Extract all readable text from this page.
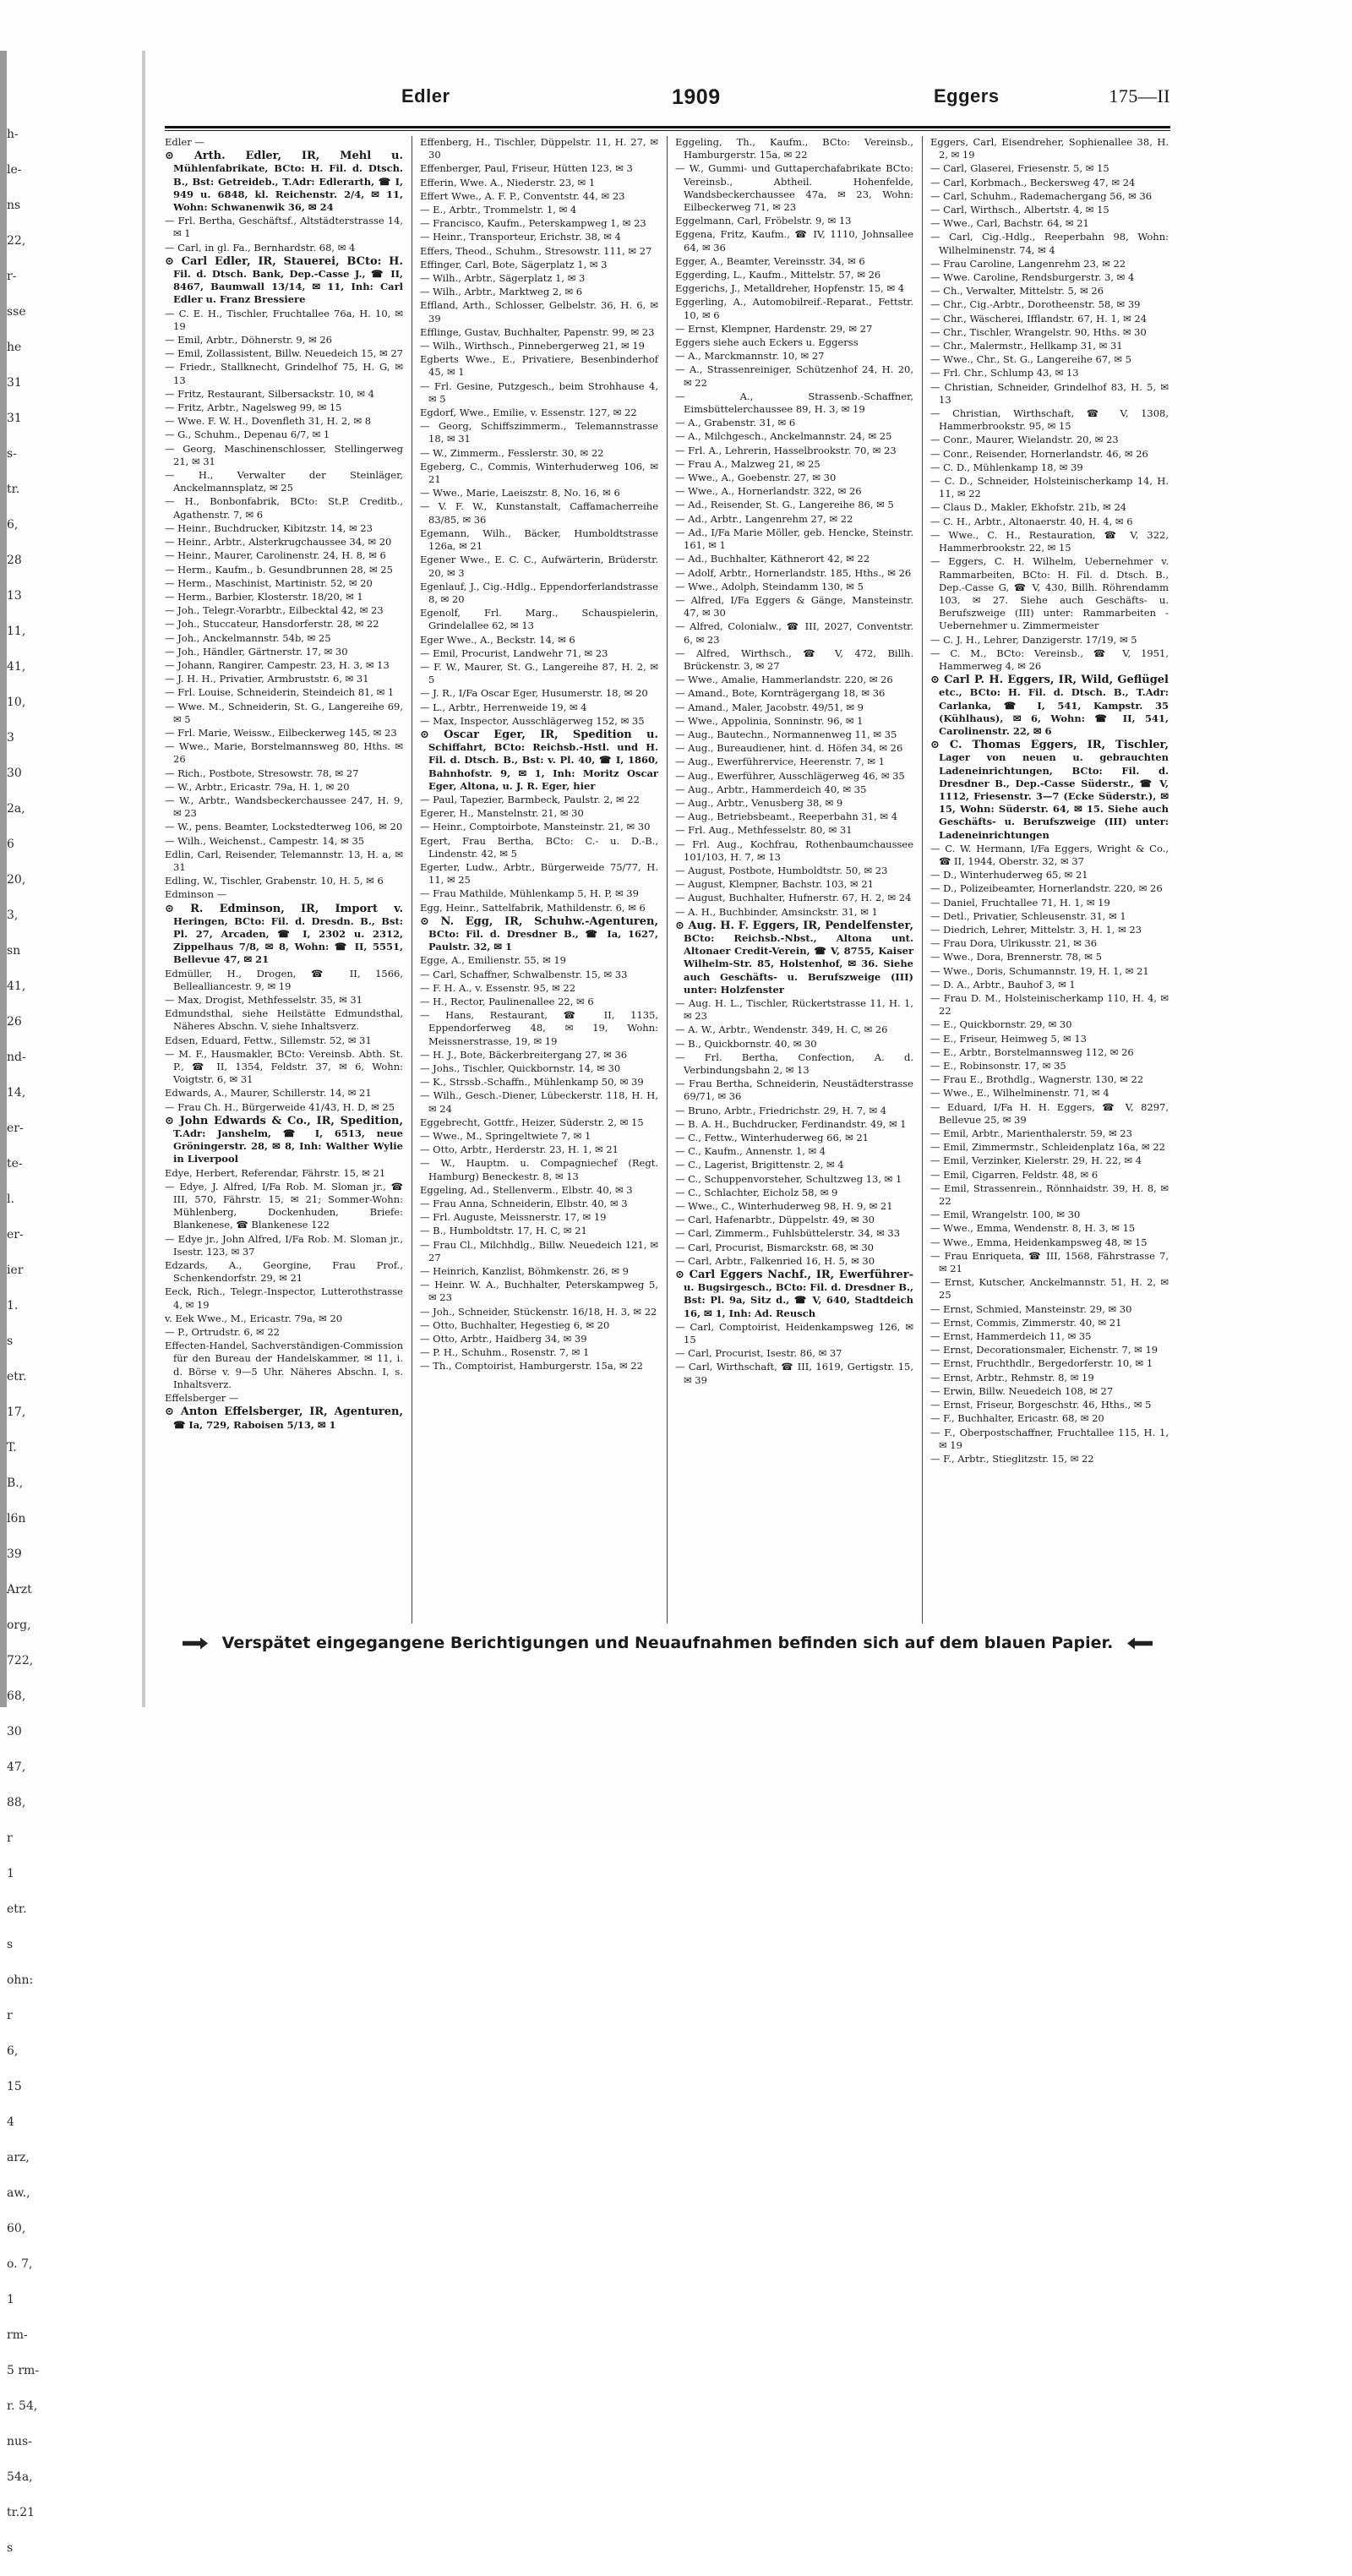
h-
le-
ns
22,
r-
sse
he
31
31
s-
tr.
6,
28
13
11,
41,
10,
3
30
2a,
6
20,
3,
sn
41,
26
nd-
14,
er-
te-
l.
er-
ier
1.
s
etr.
17,
T.
B.,
l6n
39
Arzt
org,
722,
68,
30
47,
88,
r
1
etr.
s
ohn:
r
6,
15
4
arz,
aw.,
60,
o. 7,
1
rm-
5 rm-
r. 54,
nus-
54a,
tr.21
s
Edler	1909	Eggers	175—II
Edler —
⊙ Arth. Edler, IR, Mehl u. Mühlenfabrikate, BCto: H. Fil. d. Dtsch. B., Bst: Getreideb., T.Adr: Edlerarth, ☎ I, 949 u. 6848, kl. Reichenstr. 2/4, ✉ 11, Wohn: Schwanenwik 36, ✉ 24
— Frl. Bertha, Geschäftsf., Altstädterstrasse 14, ✉ 1
— Carl, in gl. Fa., Bernhardstr. 68, ✉ 4
⊙ Carl Edler, IR, Stauerei, BCto: H. Fil. d. Dtsch. Bank, Dep.-Casse J., ☎ II, 8467, Baumwall 13/14, ✉ 11, Inh: Carl Edler u. Franz Bressiere
— C. E. H., Tischler, Fruchtallee 76a, H. 10, ✉ 19
— Emil, Arbtr., Döhnerstr. 9, ✉ 26
— Emil, Zollassistent, Billw. Neuedeich 15, ✉ 27
— Friedr., Stallknecht, Grindelhof 75, H. G, ✉ 13
— Fritz, Restaurant, Silbersackstr. 10, ✉ 4
— Fritz, Arbtr., Nagelsweg 99, ✉ 15
— Wwe. F. W. H., Dovenfleth 31, H. 2, ✉ 8
— G., Schuhm., Depenau 6/7, ✉ 1
— Georg, Maschinenschlosser, Stellingerweg 21, ✉ 31
— H., Verwalter der Steinläger, Anckelmannsplatz, ✉ 25
— H., Bonbonfabrik, BCto: St.P. Creditb., Agathenstr. 7, ✉ 6
— Heinr., Buchdrucker, Kibitzstr. 14, ✉ 23
— Heinr., Arbtr., Alsterkrugchaussee 34, ✉ 20
— Heinr., Maurer, Carolinenstr. 24, H. 8, ✉ 6
— Herm., Kaufm., b. Gesundbrunnen 28, ✉ 25
— Herm., Maschinist, Martinistr. 52, ✉ 20
— Herm., Barbier, Klosterstr. 18/20, ✉ 1
— Joh., Telegr.-Vorarbtr., Eilbecktal 42, ✉ 23
— Joh., Stuccateur, Hansdorferstr. 28, ✉ 22
— Joh., Anckelmannstr. 54b, ✉ 25
— Joh., Händler, Gärtnerstr. 17, ✉ 30
— Johann, Rangirer, Campestr. 23, H. 3, ✉ 13
— J. H. H., Privatier, Armbruststr. 6, ✉ 31
— Frl. Louise, Schneiderin, Steindeich 81, ✉ 1
— Wwe. M., Schneiderin, St. G., Langereihe 69, ✉ 5
— Frl. Marie, Weissw., Eilbeckerweg 145, ✉ 23
— Wwe., Marie, Borstelmannsweg 80, Hths. ✉ 26
— Rich., Postbote, Stresowstr. 78, ✉ 27
— W., Arbtr., Ericastr. 79a, H. 1, ✉ 20
— W., Arbtr., Wandsbeckerchaussee 247, H. 9, ✉ 23
— W., pens. Beamter, Lockstedterweg 106, ✉ 20
— Wilh., Weichenst., Campestr. 14, ✉ 35
Edlin, Carl, Reisender, Telemannstr. 13, H. a, ✉ 31
Edling, W., Tischler, Grabenstr. 10, H. 5, ✉ 6
Edminson —
⊙ R. Edminson, IR, Import v. Heringen, BCto: Fil. d. Dresdn. B., Bst: Pl. 27, Arcaden, ☎ I, 2302 u. 2312, Zippelhaus 7/8, ✉ 8, Wohn: ☎ II, 5551, Bellevue 47, ✉ 21
Edmüller, H., Drogen, ☎ II, 1566, Bellealliancestr. 9, ✉ 19
— Max, Drogist, Methfesselstr. 35, ✉ 31
Edmundsthal, siehe Heilstätte Edmundsthal, Näheres Abschn. V, siehe Inhaltsverz.
Edsen, Eduard, Fettw., Sillemstr. 52, ✉ 31
— M. F., Hausmakler, BCto: Vereinsb. Abth. St. P., ☎ II, 1354, Feldstr. 37, ✉ 6, Wohn: Voigtstr. 6, ✉ 31
Edwards, A., Maurer, Schillerstr. 14, ✉ 21
— Frau Ch. H., Bürgerweide 41/43, H. D, ✉ 25
⊙ John Edwards & Co., IR, Spedition, T.Adr: Janshelm, ☎ I, 6513, neue Gröningerstr. 28, ✉ 8, Inh: Walther Wylie in Liverpool
Edye, Herbert, Referendar, Fährstr. 15, ✉ 21
— Edye, J. Alfred, I/Fa Rob. M. Sloman jr., ☎ III, 570, Fährstr. 15, ✉ 21; Sommer-Wohn: Mühlenberg, Dockenhuden, Briefe: Blankenese, ☎ Blankenese 122
— Edye jr., John Alfred, I/Fa Rob. M. Sloman jr., Isestr. 123, ✉ 37
Edzards, A., Georgine, Frau Prof., Schenkendorfstr. 29, ✉ 21
Eeck, Rich., Telegr.-Inspector, Lutterothstrasse 4, ✉ 19
v. Eek Wwe., M., Ericastr. 79a, ✉ 20
— P., Ortrudstr. 6, ✉ 22
Effecten-Handel, Sachverständigen-Commission für den Bureau der Handelskammer, ✉ 11, i. d. Börse v. 9—5 Uhr. Näheres Abschn. I, s. Inhaltsverz.
Effelsberger —
⊙ Anton Effelsberger, IR, Agenturen, ☎ Ia, 729, Raboisen 5/13, ✉ 1
Effenberg, H., Tischler, Düppelstr. 11, H. 27, ✉ 30
Effenberger, Paul, Friseur, Hütten 123, ✉ 3
Efferin, Wwe. A., Niederstr. 23, ✉ 1
Effert Wwe., A. F. P., Conventstr. 44, ✉ 23
— E., Arbtr., Trommelstr. 1, ✉ 4
— Francisco, Kaufm., Peterskampweg 1, ✉ 23
— Heinr., Transporteur, Erichstr. 38, ✉ 4
Effers, Theod., Schuhm., Stresowstr. 111, ✉ 27
Effinger, Carl, Bote, Sägerplatz 1, ✉ 3
— Wilh., Arbtr., Sägerplatz 1, ✉ 3
— Wilh., Arbtr., Marktweg 2, ✉ 6
Effland, Arth., Schlosser, Gelbelstr. 36, H. 6, ✉ 39
Efflinge, Gustav, Buchhalter, Papenstr. 99, ✉ 23
— Wilh., Wirthsch., Pinnebergerweg 21, ✉ 19
Egberts Wwe., E., Privatiere, Besenbinderhof 45, ✉ 1
— Frl. Gesine, Putzgesch., beim Strohhause 4, ✉ 5
Egdorf, Wwe., Emilie, v. Essenstr. 127, ✉ 22
— Georg, Schiffszimmerm., Telemannstrasse 18, ✉ 31
— W., Zimmerm., Fesslerstr. 30, ✉ 22
Egeberg, C., Commis, Winterhuderweg 106, ✉ 21
— Wwe., Marie, Laeiszstr. 8, No. 16, ✉ 6
— V. F. W., Kunstanstalt, Caffamacherreihe 83/85, ✉ 36
Egemann, Wilh., Bäcker, Humboldtstrasse 126a, ✉ 21
Egener Wwe., E. C. C., Aufwärterin, Brüderstr. 20, ✉ 3
Egenlauf, J., Cig.-Hdlg., Eppendorferlandstrasse 8, ✉ 20
Egenolf, Frl. Marg., Schauspielerin, Grindelallee 62, ✉ 13
Eger Wwe., A., Beckstr. 14, ✉ 6
— Emil, Procurist, Landwehr 71, ✉ 23
— F. W., Maurer, St. G., Langereihe 87, H. 2, ✉ 5
— J. R., I/Fa Oscar Eger, Husumerstr. 18, ✉ 20
— L., Arbtr., Herrenweide 19, ✉ 4
— Max, Inspector, Ausschlägerweg 152, ✉ 35
⊙ Oscar Eger, IR, Spedition u. Schiffahrt, BCto: Reichsb.-Hstl. und H. Fil. d. Dtsch. B., Bst: v. Pl. 40, ☎ I, 1860, Bahnhofstr. 9, ✉ 1, Inh: Moritz Oscar Eger, Altona, u. J. R. Eger, hier
— Paul, Tapezier, Barmbeck, Paulstr. 2, ✉ 22
Egerer, H., Manstelnstr. 21, ✉ 30
— Heinr., Comptoirbote, Mansteinstr. 21, ✉ 30
Egert, Frau Bertha, BCto: C.- u. D.-B., Lindenstr. 42, ✉ 5
Egerter, Ludw., Arbtr., Bürgerweide 75/77, H. 11, ✉ 25
— Frau Mathilde, Mühlenkamp 5, H. P, ✉ 39
Egg, Heinr., Sattelfabrik, Mathildenstr. 6, ✉ 6
⊙ N. Egg, IR, Schuhw.-Agenturen, BCto: Fil. d. Dresdner B., ☎ Ia, 1627, Paulstr. 32, ✉ 1
Egge, A., Emilienstr. 55, ✉ 19
— Carl, Schaffner, Schwalbenstr. 15, ✉ 33
— F. H. A., v. Essenstr. 95, ✉ 22
— H., Rector, Paulinenallee 22, ✉ 6
— Hans, Restaurant, ☎ II, 1135, Eppendorferweg 48, ✉ 19, Wohn: Meissnerstrasse, 19, ✉ 19
— H. J., Bote, Bäckerbreitergang 27, ✉ 36
— Johs., Tischler, Quickbornstr. 14, ✉ 30
— K., Strssb.-Schaffn., Mühlenkamp 50, ✉ 39
— Wilh., Gesch.-Diener, Lübeckerstr. 118, H. H, ✉ 24
Eggebrecht, Gottfr., Heizer, Süderstr. 2, ✉ 15
— Wwe., M., Springeltwiete 7, ✉ 1
— Otto, Arbtr., Herderstr. 23, H. 1, ✉ 21
— W., Hauptm. u. Compagniechef (Regt. Hamburg) Beneckestr. 8, ✉ 13
Eggeling, Ad., Stellenverm., Elbstr. 40, ✉ 3
— Frau Anna, Schneiderin, Elbstr. 40, ✉ 3
— Frl. Auguste, Meissnerstr. 17, ✉ 19
— B., Humboldtstr. 17, H. C, ✉ 21
— Frau Cl., Milchhdlg., Billw. Neuedeich 121, ✉ 27
— Heinrich, Kanzlist, Böhmkenstr. 26, ✉ 9
— Heinr. W. A., Buchhalter, Peterskampweg 5, ✉ 23
— Joh., Schneider, Stückenstr. 16/18, H. 3, ✉ 22
— Otto, Buchhalter, Hegestieg 6, ✉ 20
— Otto, Arbtr., Haidberg 34, ✉ 39
— P. H., Schuhm., Rosenstr. 7, ✉ 1
— Th., Comptoirist, Hamburgerstr. 15a, ✉ 22
Eggeling, Th., Kaufm., BCto: Vereinsb., Hamburgerstr. 15a, ✉ 22
— W., Gummi- und Guttaperchafabrikate BCto: Vereinsb., Abtheil. Hohenfelde, Wandsbeckerchaussee 47a, ✉ 23, Wohn: Eilbeckerweg 71, ✉ 23
Eggelmann, Carl, Fröbelstr. 9, ✉ 13
Eggena, Fritz, Kaufm., ☎ IV, 1110, Johnsallee 64, ✉ 36
Egger, A., Beamter, Vereinsstr. 34, ✉ 6
Eggerding, L., Kaufm., Mittelstr. 57, ✉ 26
Eggerichs, J., Metalldreher, Hopfenstr. 15, ✉ 4
Eggerling, A., Automobilreif.-Reparat., Fettstr. 10, ✉ 6
— Ernst, Klempner, Hardenstr. 29, ✉ 27
Eggers siehe auch Eckers u. Eggerss
— A., Marckmannstr. 10, ✉ 27
— A., Strassenreiniger, Schützenhof 24, H. 20, ✉ 22
— A., Strassenb.-Schaffner, Eimsbüttelerchaussee 89, H. 3, ✉ 19
— A., Grabenstr. 31, ✉ 6
— A., Milchgesch., Anckelmannstr. 24, ✉ 25
— Frl. A., Lehrerin, Hasselbrookstr. 70, ✉ 23
— Frau A., Malzweg 21, ✉ 25
— Wwe., A., Goebenstr. 27, ✉ 30
— Wwe., A., Hornerlandstr. 322, ✉ 26
— Ad., Reisender, St. G., Langereihe 86, ✉ 5
— Ad., Arbtr., Langenrehm 27, ✉ 22
— Ad., I/Fa Marie Möller, geb. Hencke, Steinstr. 161, ✉ 1
— Ad., Buchhalter, Käthnerort 42, ✉ 22
— Adolf, Arbtr., Hornerlandstr. 185, Hths., ✉ 26
— Wwe., Adolph, Steindamm 130, ✉ 5
— Alfred, I/Fa Eggers & Gänge, Mansteinstr. 47, ✉ 30
— Alfred, Colonialw., ☎ III, 2027, Conventstr. 6, ✉ 23
— Alfred, Wirthsch., ☎ V, 472, Billh. Brückenstr. 3, ✉ 27
— Wwe., Amalie, Hammerlandstr. 220, ✉ 26
— Amand., Bote, Kornträgergang 18, ✉ 36
— Amand., Maler, Jacobstr. 49/51, ✉ 9
— Wwe., Appolinia, Sonninstr. 96, ✉ 1
— Aug., Bautechn., Normannenweg 11, ✉ 35
— Aug., Bureaudiener, hint. d. Höfen 34, ✉ 26
— Aug., Ewerführervice, Heerenstr. 7, ✉ 1
— Aug., Ewerführer, Ausschlägerweg 46, ✉ 35
— Aug., Arbtr., Hammerdeich 40, ✉ 35
— Aug., Arbtr., Venusberg 38, ✉ 9
— Aug., Betriebsbeamt., Reeperbahn 31, ✉ 4
— Frl. Aug., Methfesselstr. 80, ✉ 31
— Frl. Aug., Kochfrau, Rothenbaumchaussee 101/103, H. 7, ✉ 13
— August, Postbote, Humboldtstr. 50, ✉ 23
— August, Klempner, Bachstr. 103, ✉ 21
— August, Buchhalter, Hufnerstr. 67, H. 2, ✉ 24
— A. H., Buchbinder, Amsinckstr. 31, ✉ 1
⊙ Aug. H. F. Eggers, IR, Pendelfenster, BCto: Reichsb.-Nbst., Altona unt. Altonaer Credit-Verein, ☎ V, 8755, Kaiser Wilhelm-Str. 85, Holstenhof, ✉ 36. Siehe auch Geschäfts- u. Berufszweige (III) unter: Holzfenster
— Aug. H. L., Tischler, Rückertstrasse 11, H. 1, ✉ 23
— A. W., Arbtr., Wendenstr. 349, H. C, ✉ 26
— B., Quickbornstr. 40, ✉ 30
— Frl. Bertha, Confection, A. d. Verbindungsbahn 2, ✉ 13
— Frau Bertha, Schneiderin, Neustädterstrasse 69/71, ✉ 36
— Bruno, Arbtr., Friedrichstr. 29, H. 7, ✉ 4
— B. A. H., Buchdrucker, Ferdinandstr. 49, ✉ 1
— C., Fettw., Winterhuderweg 66, ✉ 21
— C., Kaufm., Annenstr. 1, ✉ 4
— C., Lagerist, Brigittenstr. 2, ✉ 4
— C., Schuppenvorsteher, Schultzweg 13, ✉ 1
— C., Schlachter, Eicholz 58, ✉ 9
— Wwe., C., Winterhuderweg 98, H. 9, ✉ 21
— Carl, Hafenarbtr., Düppelstr. 49, ✉ 30
— Carl, Zimmerm., Fuhlsbüttelerstr. 34, ✉ 33
— Carl, Procurist, Bismarckstr. 68, ✉ 30
— Carl, Arbtr., Falkenried 16, H. 5, ✉ 30
⊙ Carl Eggers Nachf., IR, Ewerführer- u. Bugsirgesch., BCto: Fil. d. Dresdner B., Bst: Pl. 9a, Sitz d., ☎ V, 640, Stadtdeich 16, ✉ 1, Inh: Ad. Reusch
— Carl, Comptoirist, Heidenkampsweg 126, ✉ 15
— Carl, Procurist, Isestr. 86, ✉ 37
— Carl, Wirthschaft, ☎ III, 1619, Gertigstr. 15, ✉ 39
Eggers, Carl, Eisendreher, Sophienallee 38, H. 2, ✉ 19
— Carl, Glaserei, Friesenstr. 5, ✉ 15
— Carl, Korbmach., Beckersweg 47, ✉ 24
— Carl, Schuhm., Rademachergang 56, ✉ 36
— Carl, Wirthsch., Albertstr. 4, ✉ 15
— Wwe., Carl, Bachstr. 64, ✉ 21
— Carl, Cig.-Hdlg., Reeperbahn 98, Wohn: Wilhelminenstr. 74, ✉ 4
— Frau Caroline, Langenrehm 23, ✉ 22
— Wwe. Caroline, Rendsburgerstr. 3, ✉ 4
— Ch., Verwalter, Mittelstr. 5, ✉ 26
— Chr., Cig.-Arbtr., Dorotheenstr. 58, ✉ 39
— Chr., Wäscherei, Ifflandstr. 67, H. 1, ✉ 24
— Chr., Tischler, Wrangelstr. 90, Hths. ✉ 30
— Chr., Malermstr., Hellkamp 31, ✉ 31
— Wwe., Chr., St. G., Langereihe 67, ✉ 5
— Frl. Chr., Schlump 43, ✉ 13
— Christian, Schneider, Grindelhof 83, H. 5, ✉ 13
— Christian, Wirthschaft, ☎ V, 1308, Hammerbrookstr. 95, ✉ 15
— Conr., Maurer, Wielandstr. 20, ✉ 23
— Conr., Reisender, Hornerlandstr. 46, ✉ 26
— C. D., Mühlenkamp 18, ✉ 39
— C. D., Schneider, Holsteinischerkamp 14, H. 11, ✉ 22
— Claus D., Makler, Ekhofstr. 21b, ✉ 24
— C. H., Arbtr., Altonaerstr. 40, H. 4, ✉ 6
— Wwe., C. H., Restauration, ☎ V, 322, Hammerbrookstr. 22, ✉ 15
— Eggers, C. H. Wilhelm, Uebernehmer v. Rammarbeiten, BCto: H. Fil. d. Dtsch. B., Dep.-Casse G, ☎ V, 430, Billh. Röhrendamm 103, ✉ 27. Siehe auch Geschäfts- u. Berufszweige (III) unter: Rammarbeiten - Uebernehmer u. Zimmermeister
— C. J. H., Lehrer, Danzigerstr. 17/19, ✉ 5
— C. M., BCto: Vereinsb., ☎ V, 1951, Hammerweg 4, ✉ 26
⊙ Carl P. H. Eggers, IR, Wild, Geflügel etc., BCto: H. Fil. d. Dtsch. B., T.Adr: Carlanka, ☎ I, 541, Kampstr. 35 (Kühlhaus), ✉ 6, Wohn: ☎ II, 541, Carolinenstr. 22, ✉ 6
⊙ C. Thomas Eggers, IR, Tischler, Lager von neuen u. gebrauchten Ladeneinrichtungen, BCto: Fil. d. Dresdner B., Dep.-Casse Süderstr., ☎ V, 1112, Friesenstr. 3—7 (Ecke Süderstr.), ✉ 15, Wohn: Süderstr. 64, ✉ 15. Siehe auch Geschäfts- u. Berufszweige (III) unter: Ladeneinrichtungen
— C. W. Hermann, I/Fa Eggers, Wright & Co., ☎ II, 1944, Oberstr. 32, ✉ 37
— D., Winterhuderweg 65, ✉ 21
— D., Polizeibeamter, Hornerlandstr. 220, ✉ 26
— Daniel, Fruchtallee 71, H. 1, ✉ 19
— Detl., Privatier, Schleusenstr. 31, ✉ 1
— Diedrich, Lehrer, Mittelstr. 3, H. 1, ✉ 23
— Frau Dora, Ulrikusstr. 21, ✉ 36
— Wwe., Dora, Brennerstr. 78, ✉ 5
— Wwe., Doris, Schumannstr. 19, H. 1, ✉ 21
— D. A., Arbtr., Bauhof 3, ✉ 1
— Frau D. M., Holsteinischerkamp 110, H. 4, ✉ 22
— E., Quickbornstr. 29, ✉ 30
— E., Friseur, Heimweg 5, ✉ 13
— E., Arbtr., Borstelmannsweg 112, ✉ 26
— E., Robinsonstr. 17, ✉ 35
— Frau E., Brothdlg., Wagnerstr. 130, ✉ 22
— Wwe., E., Wilhelminenstr. 71, ✉ 4
— Eduard, I/Fa H. H. Eggers, ☎ V, 8297, Bellevue 25, ✉ 39
— Emil, Arbtr., Marienthalerstr. 59, ✉ 23
— Emil, Zimmermstr., Schleidenplatz 16a, ✉ 22
— Emil, Verzinker, Kielerstr. 29, H. 22, ✉ 4
— Emil, Cigarren, Feldstr. 48, ✉ 6
— Emil, Strassenrein., Rönnhaidstr. 39, H. 8, ✉ 22
— Emil, Wrangelstr. 100, ✉ 30
— Wwe., Emma, Wendenstr. 8, H. 3, ✉ 15
— Wwe., Emma, Heidenkampsweg 48, ✉ 15
— Frau Enriqueta, ☎ III, 1568, Fährstrasse 7, ✉ 21
— Ernst, Kutscher, Anckelmannstr. 51, H. 2, ✉ 25
— Ernst, Schmied, Mansteinstr. 29, ✉ 30
— Ernst, Commis, Zimmerstr. 40, ✉ 21
— Ernst, Hammerdeich 11, ✉ 35
— Ernst, Decorationsmaler, Eichenstr. 7, ✉ 19
— Ernst, Fruchthdlr., Bergedorferstr. 10, ✉ 1
— Ernst, Arbtr., Rehmstr. 8, ✉ 19
— Erwin, Billw. Neuedeich 108, ✉ 27
— Ernst, Friseur, Borgeschstr. 46, Hths., ✉ 5
— F., Buchhalter, Ericastr. 68, ✉ 20
— F., Oberpostschaffner, Fruchtallee 115, H. 1, ✉ 19
— F., Arbtr., Stieglitzstr. 15, ✉ 22
Verspätet eingegangene Berichtigungen und Neuaufnahmen befinden sich auf dem blauen Papier.
